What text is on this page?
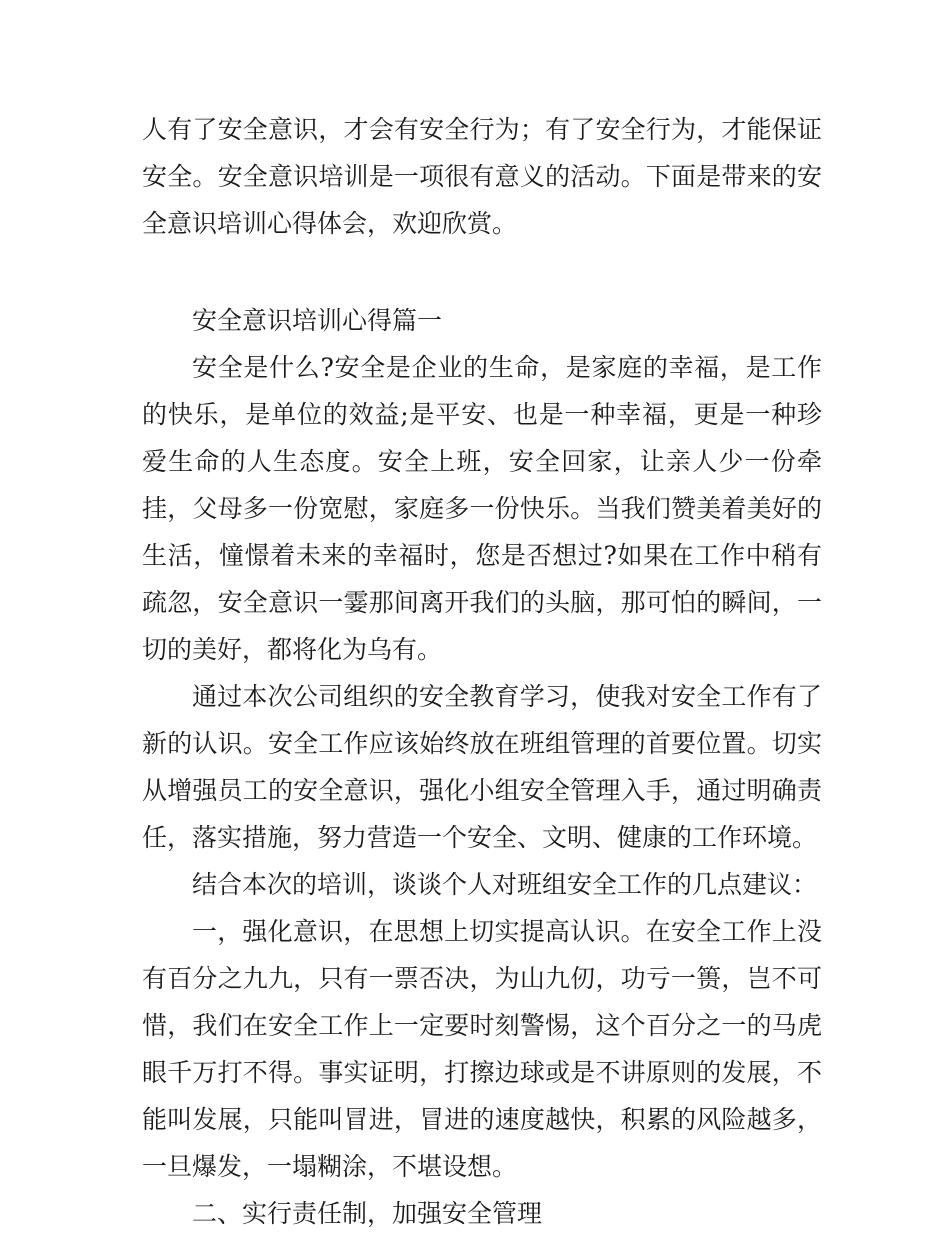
人有了安全意识，才会有安全行为；有了安全行为，才能保证安全。安全意识培训是一项很有意义的活动。下面是带来的安全意识培训心得体会，欢迎欣赏。

安全意识培训心得篇一

安全是什么?安全是企业的生命，是家庭的幸福，是工作的快乐，是单位的效益;是平安、也是一种幸福，更是一种珍爱生命的人生态度。安全上班，安全回家，让亲人少一份牵挂，父母多一份宽慰，家庭多一份快乐。当我们赞美着美好的生活，憧憬着未来的幸福时，您是否想过?如果在工作中稍有疏忽，安全意识一霎那间离开我们的头脑，那可怕的瞬间，一切的美好，都将化为乌有。

通过本次公司组织的安全教育学习，使我对安全工作有了新的认识。安全工作应该始终放在班组管理的首要位置。切实从增强员工的安全意识，强化小组安全管理入手，通过明确责任，落实措施，努力营造一个安全、文明、健康的工作环境。

结合本次的培训，谈谈个人对班组安全工作的几点建议：

一，强化意识，在思想上切实提高认识。在安全工作上没有百分之九九，只有一票否决，为山九仞，功亏一篑，岂不可惜，我们在安全工作上一定要时刻警惕，这个百分之一的马虎眼千万打不得。事实证明，打擦边球或是不讲原则的发展，不能叫发展，只能叫冒进，冒进的速度越快，积累的风险越多，一旦爆发，一塌糊涂，不堪设想。

二、实行责任制，加强安全管理
